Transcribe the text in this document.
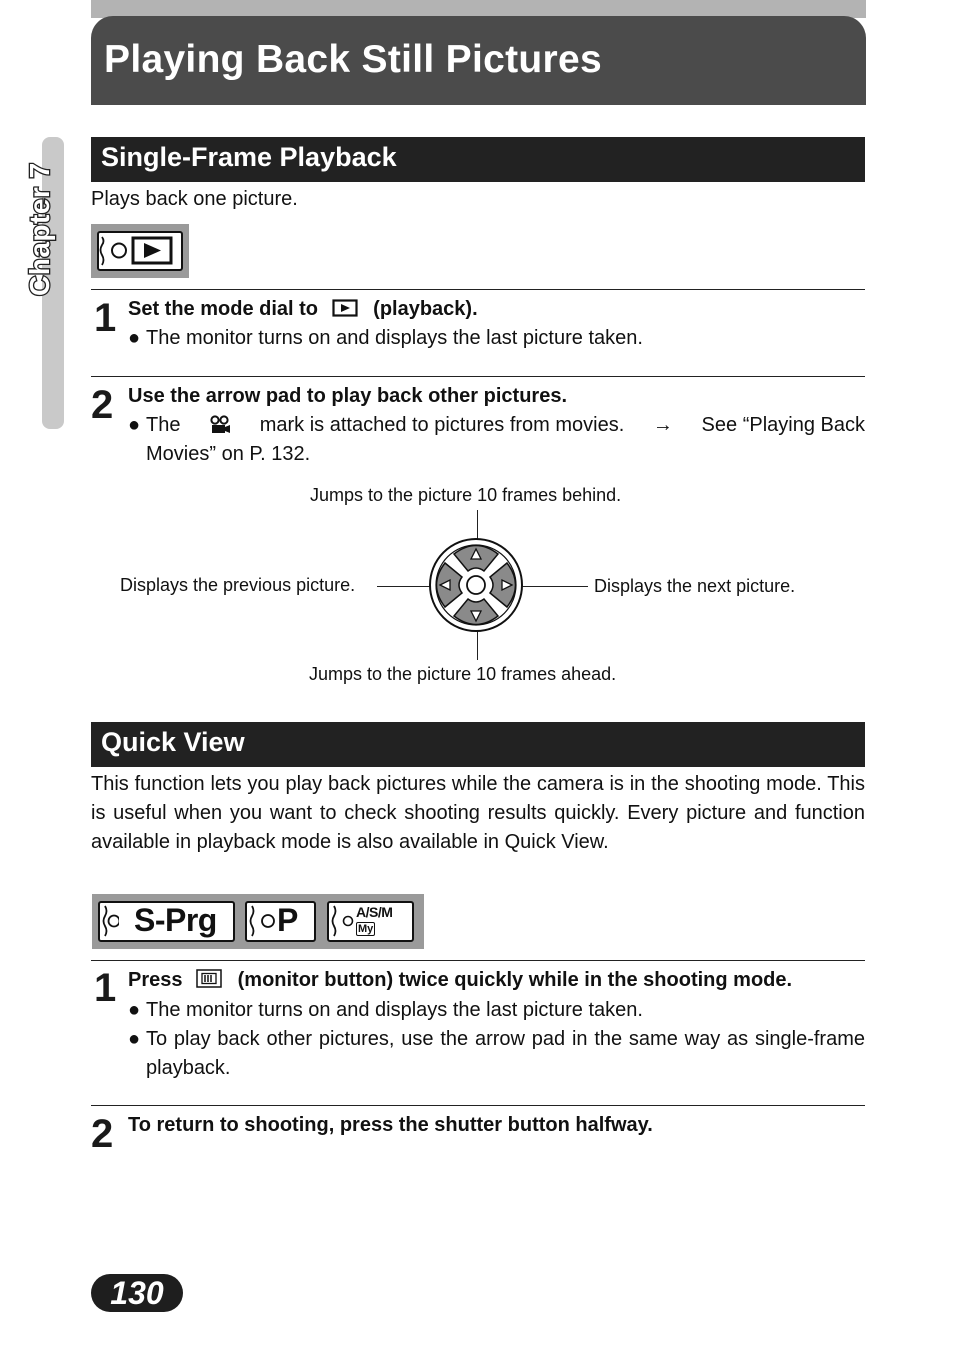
Playing Back Still Pictures
Chapter 7
Single-Frame Playback
Plays back one picture.
1 Set the mode dial to	(playback).
● The monitor turns on and displays the last picture taken.
2 Use the arrow pad to play back other pictures.
● The	mark is attached to pictures from movies. → See “Playing Back
Movies” on P. 132.
Jumps to the picture 10 frames behind.
Displays the previous picture.	Displays the next picture.
Jumps to the picture 10 frames ahead.
Quick View
This function lets you play back pictures while the camera is in the shooting mode. This is useful when you want to check shooting results quickly. Every picture and function available in playback mode is also available in Quick View.
S-Prg P	A/S/M
My
1 Press	(monitor button) twice quickly while in the shooting mode.
● The monitor turns on and displays the last picture taken.
● To play back other pictures, use the arrow pad in the same way as single-frame playback.
2 To return to shooting, press the shutter button halfway.
130
